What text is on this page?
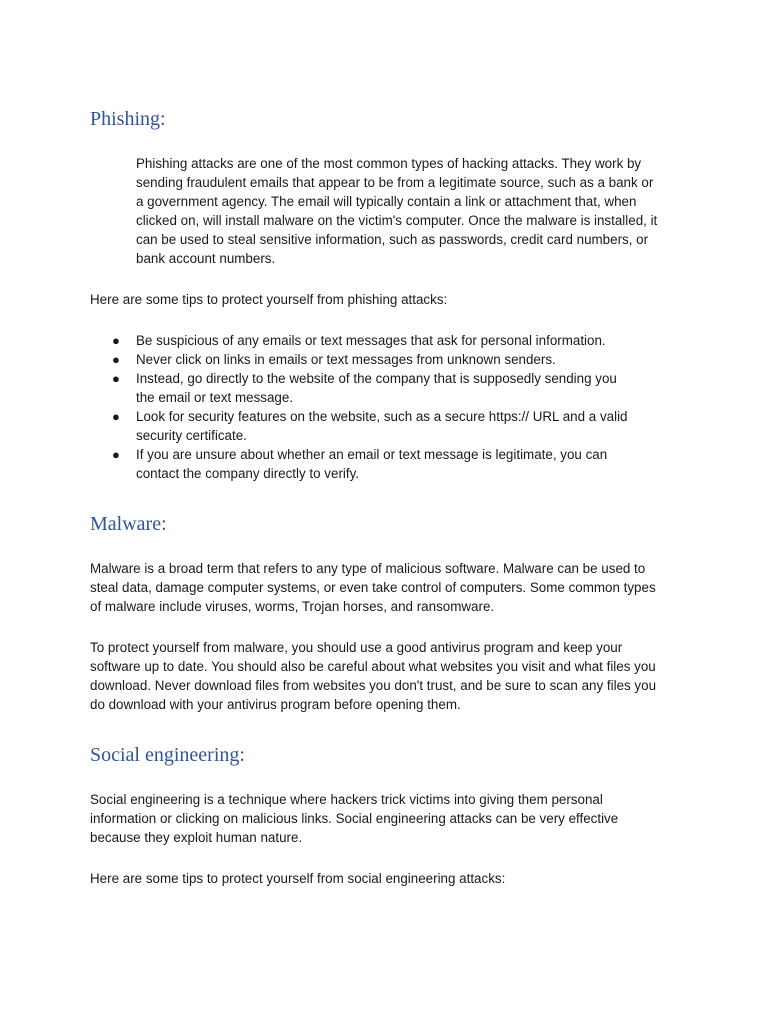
Phishing:

Phishing attacks are one of the most common types of hacking attacks. They work by sending fraudulent emails that appear to be from a legitimate source, such as a bank or a government agency. The email will typically contain a link or attachment that, when clicked on, will install malware on the victim's computer. Once the malware is installed, it can be used to steal sensitive information, such as passwords, credit card numbers, or bank account numbers.

Here are some tips to protect yourself from phishing attacks:

● Be suspicious of any emails or text messages that ask for personal information.
● Never click on links in emails or text messages from unknown senders.
● Instead, go directly to the website of the company that is supposedly sending you the email or text message.
● Look for security features on the website, such as a secure https:// URL and a valid security certificate.
● If you are unsure about whether an email or text message is legitimate, you can contact the company directly to verify.
Malware:

Malware is a broad term that refers to any type of malicious software. Malware can be used to steal data, damage computer systems, or even take control of computers. Some common types of malware include viruses, worms, Trojan horses, and ransomware.

To protect yourself from malware, you should use a good antivirus program and keep your software up to date. You should also be careful about what websites you visit and what files you download. Never download files from websites you don't trust, and be sure to scan any files you do download with your antivirus program before opening them.

Social engineering:

Social engineering is a technique where hackers trick victims into giving them personal information or clicking on malicious links. Social engineering attacks can be very effective because they exploit human nature.

Here are some tips to protect yourself from social engineering attacks:
